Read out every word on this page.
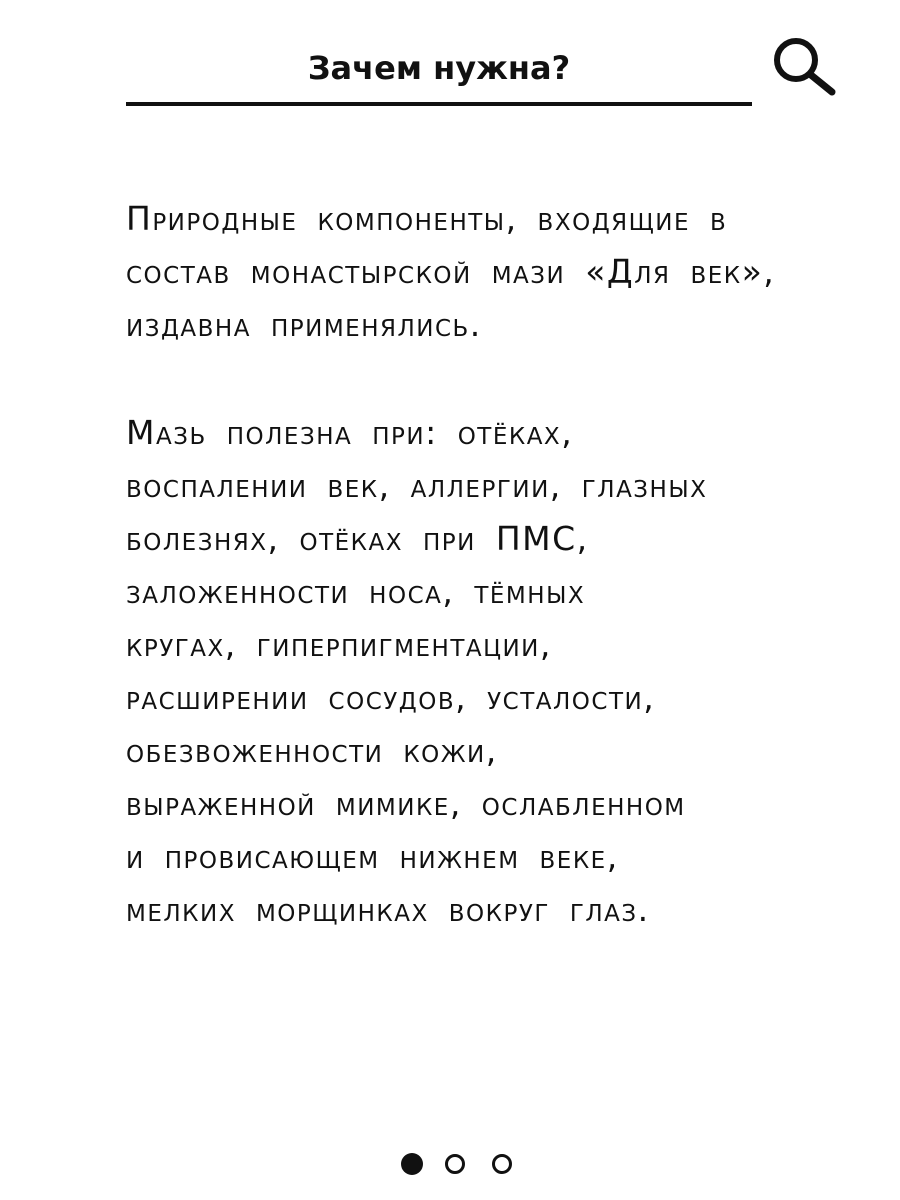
Зачем нужна?
Природные компоненты, входящие в состав монастырской мази «Для век», издавна применялись.
Мазь полезна при: отёках,
воспалении век, аллергии, глазных
болезнях, отёках при ПМС,
заложенности носа, тёмных
кругах, гиперпигментации,
расширении сосудов, усталости,
обезвоженности кожи,
выраженной мимике, ослабленном
и провисающем нижнем веке,
мелких морщинках вокруг глаз.
